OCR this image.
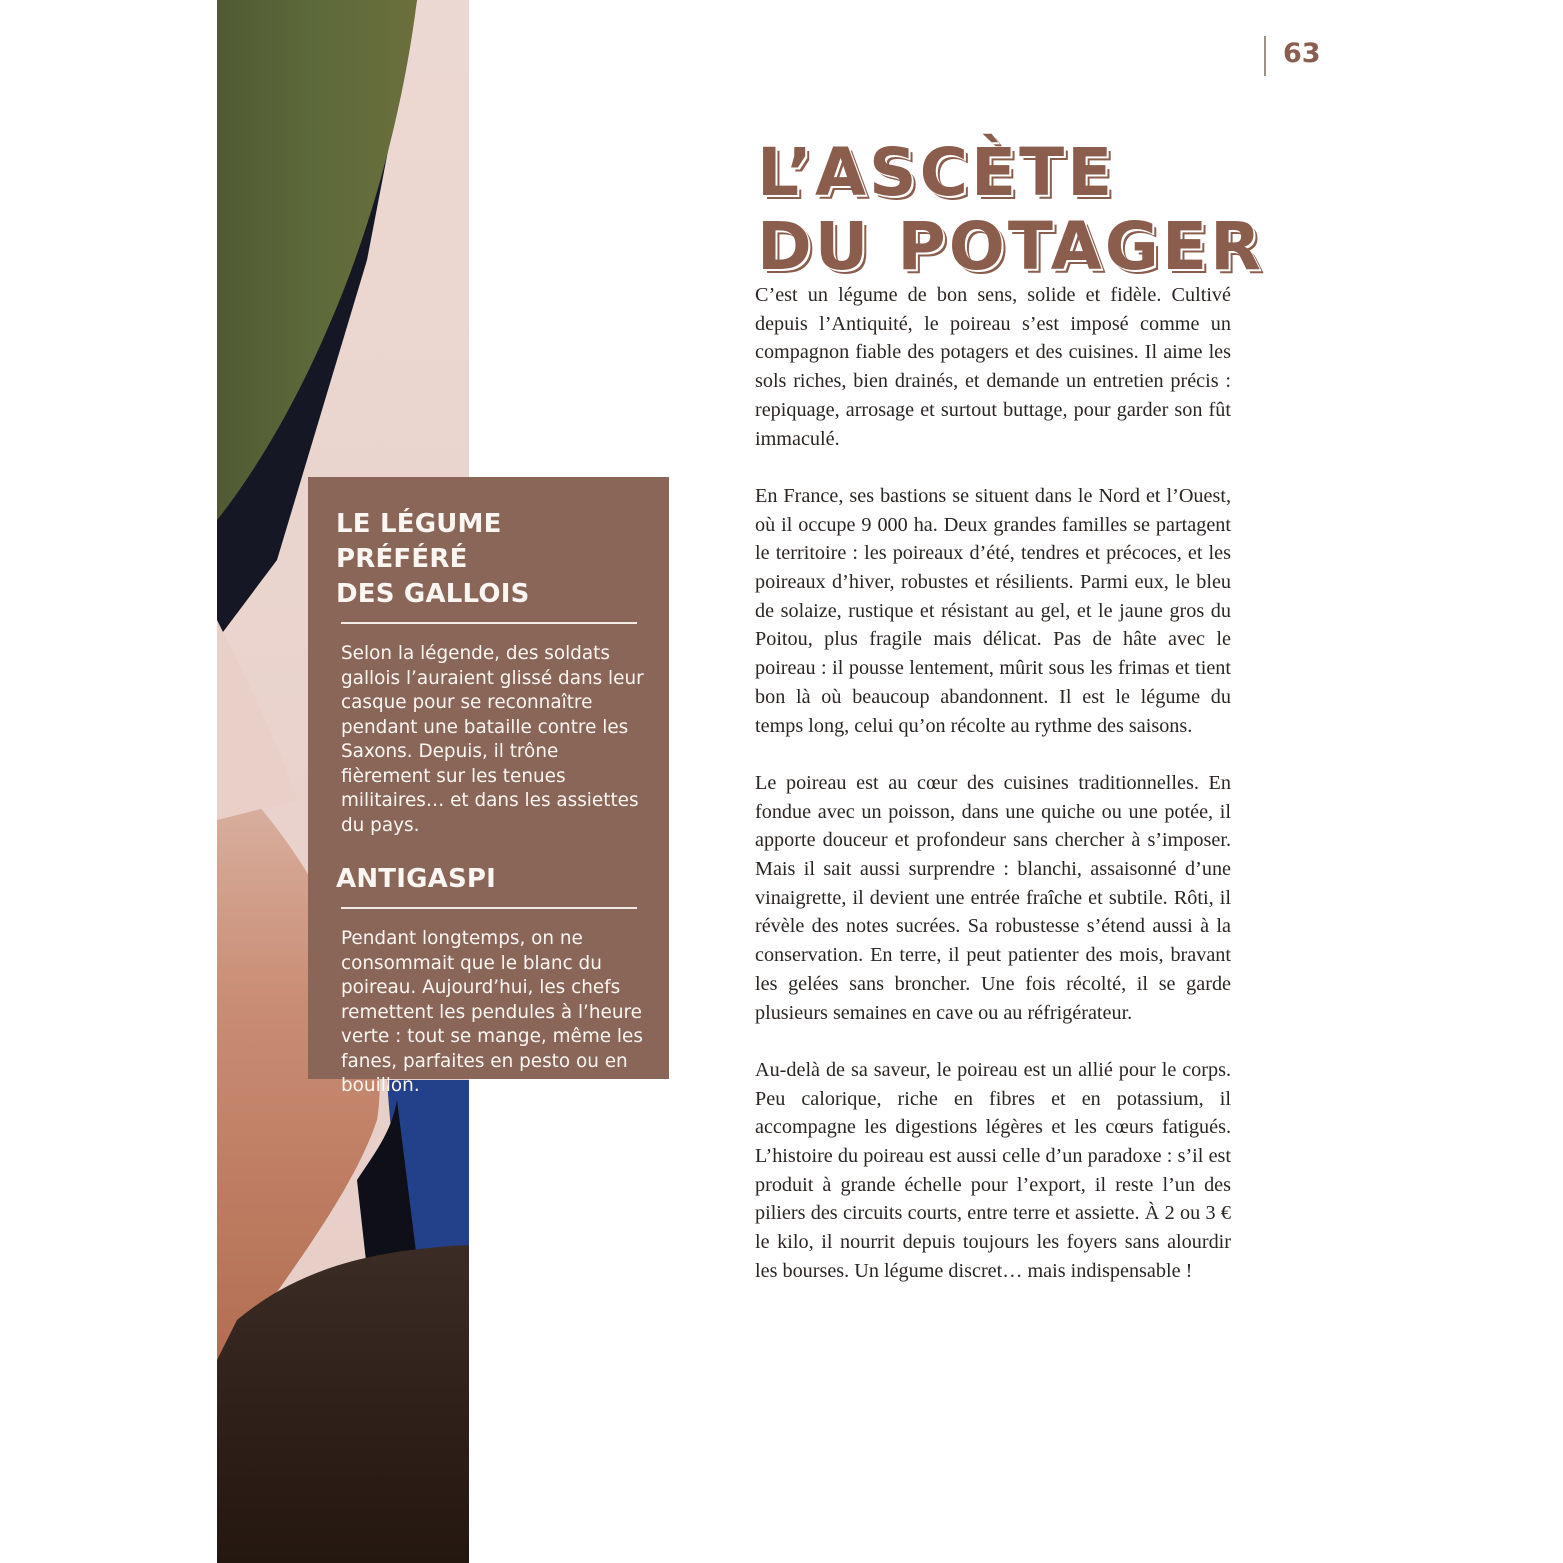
LE LÉGUME PRÉFÉRÉ
DES GALLOIS

Selon la légende, des soldats gallois l’auraient glissé dans leur casque pour se reconnaître pendant une bataille contre les Saxons. Depuis, il trône fièrement sur les tenues militaires… et dans les assiettes du pays.

ANTIGASPI

Pendant longtemps, on ne consommait que le blanc du poireau. Aujourd’hui, les chefs remettent les pendules à l’heure verte : tout se mange, même les fanes, parfaites en pesto ou en bouillon.

63
L’ASCÈTE
DU POTAGER

C’est un légume de bon sens, solide et fidèle. Cultivé depuis l’Antiquité, le poireau s’est imposé comme un compagnon fiable des potagers et des cuisines. Il aime les sols riches, bien drainés, et demande un entretien précis : repiquage, arrosage et surtout buttage, pour garder son fût immaculé.

En France, ses bastions se situent dans le Nord et l’Ouest, où il occupe 9 000 ha. Deux grandes familles se partagent le territoire : les poireaux d’été, tendres et précoces, et les poireaux d’hiver, robustes et résilients. Parmi eux, le bleu de solaize, rustique et résistant au gel, et le jaune gros du Poitou, plus fragile mais délicat. Pas de hâte avec le poireau : il pousse lentement, mûrit sous les frimas et tient bon là où beaucoup abandonnent. Il est le légume du temps long, celui qu’on récolte au rythme des saisons.

Le poireau est au cœur des cuisines traditionnelles. En fondue avec un poisson, dans une quiche ou une potée, il apporte douceur et profondeur sans chercher à s’imposer. Mais il sait aussi surprendre : blanchi, assaisonné d’une vinaigrette, il devient une entrée fraîche et subtile. Rôti, il révèle des notes sucrées. Sa robustesse s’étend aussi à la conservation. En terre, il peut patienter des mois, bravant les gelées sans broncher. Une fois récolté, il se garde plusieurs semaines en cave ou au réfrigérateur.

Au-delà de sa saveur, le poireau est un allié pour le corps. Peu calorique, riche en fibres et en potassium, il accompagne les digestions légères et les cœurs fatigués. L’histoire du poireau est aussi celle d’un paradoxe : s’il est produit à grande échelle pour l’export, il reste l’un des piliers des circuits courts, entre terre et assiette. À 2 ou 3 € le kilo, il nourrit depuis toujours les foyers sans alourdir les bourses. Un légume discret… mais indispensable !
